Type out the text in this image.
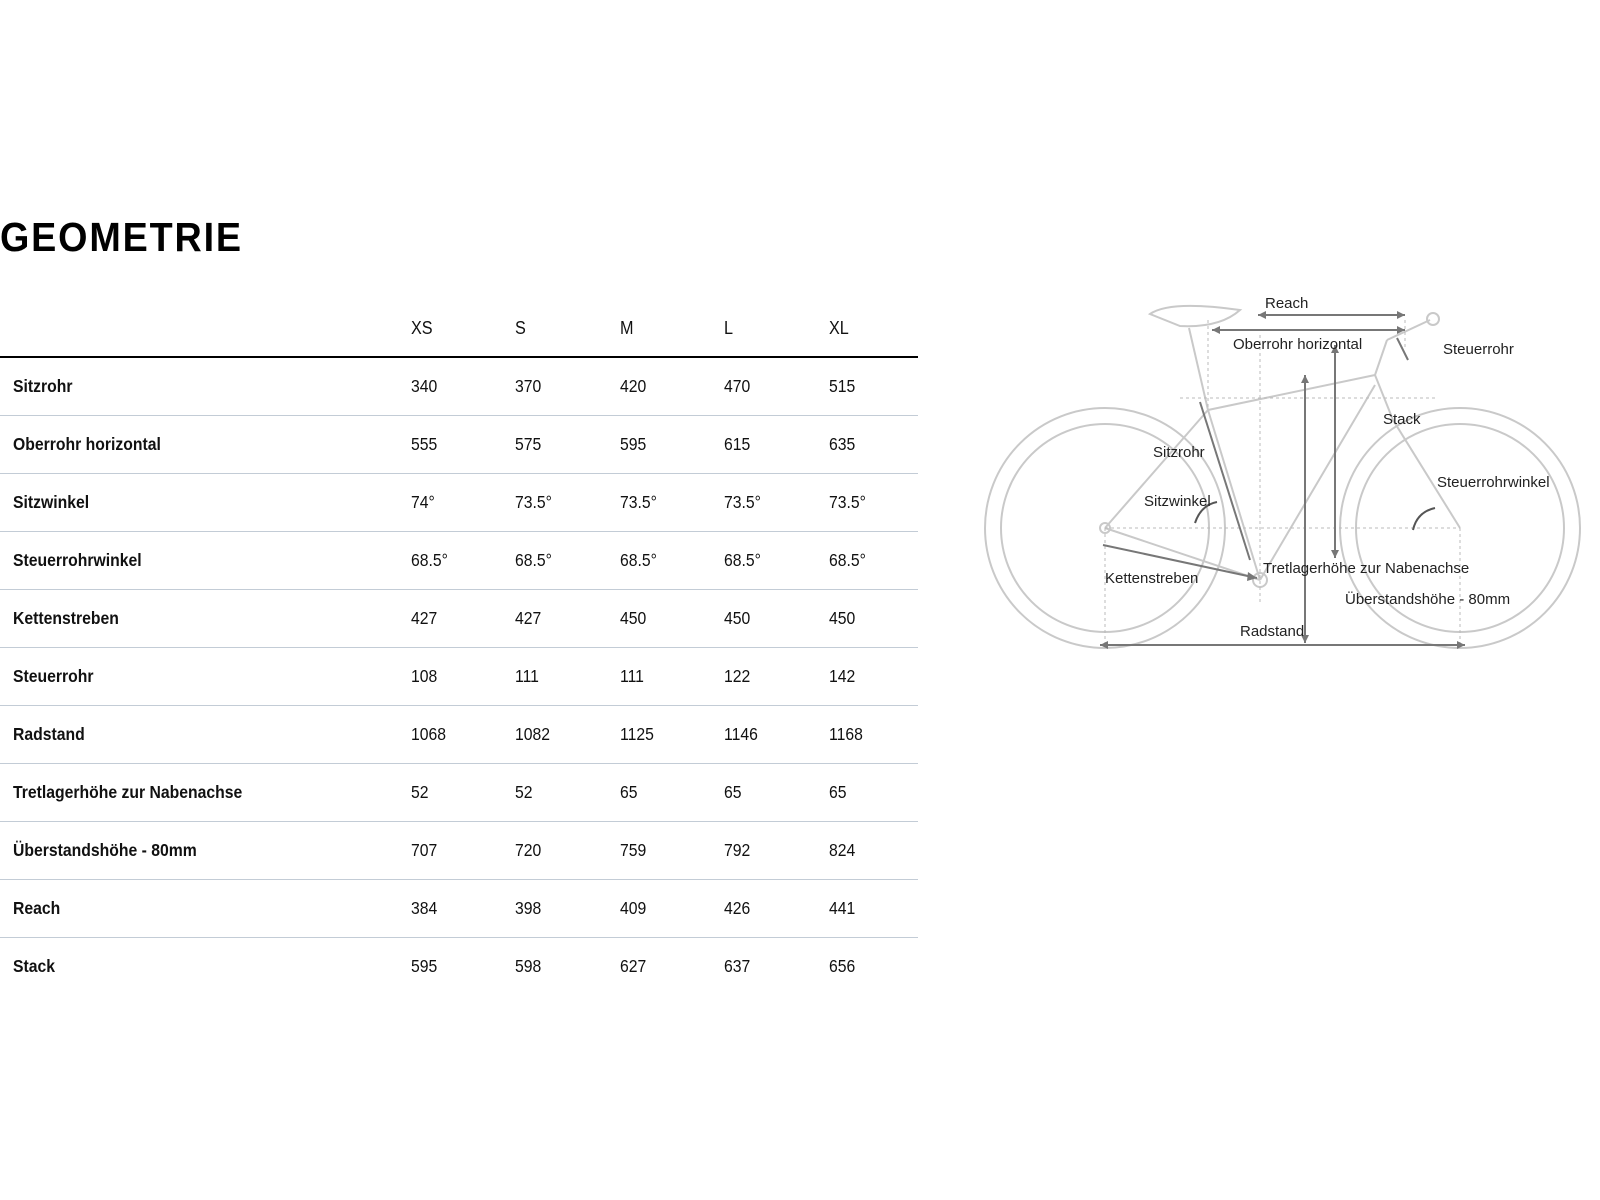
GEOMETRIE
XS	S	M	L	XL
Sitzrohr	340	370	420	470	515
Oberrohr horizontal	555	575	595	615	635
Sitzwinkel	74°	73.5°	73.5°	73.5°	73.5°
Steuerrohrwinkel	68.5°	68.5°	68.5°	68.5°	68.5°
Kettenstreben	427	427	450	450	450
Steuerrohr	108	111	111	122	142
Radstand	1068	1082	1125	1146	1168
Tretlagerhöhe zur Nabenachse	52	52	65	65	65
Überstandshöhe - 80mm	707	720	759	792	824
Reach	384	398	409	426	441
Stack	595	598	627	637	656
Reach
Oberrohr horizontal	Steuerrohr
Stack
Sitzrohr
Sitzwinkel
Steuerrohrwinkel
Kettenstreben
Tretlagerhöhe zur Nabenachse
Überstandshöhe - 80mm
Radstand
